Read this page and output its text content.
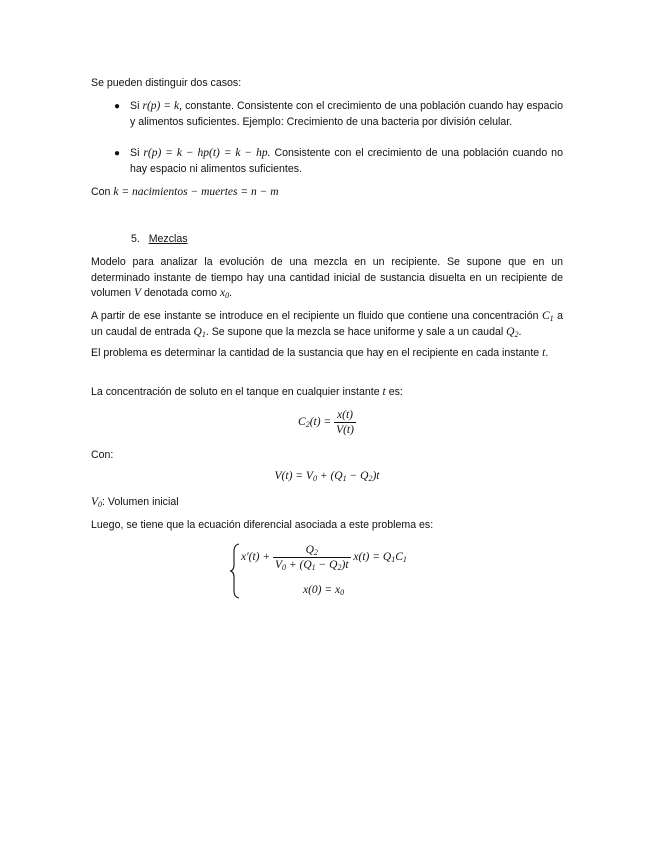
Se pueden distinguir dos casos:
● Si r(p) = k, constante. Consistente con el crecimiento de una población cuando hay espacio y alimentos suficientes. Ejemplo: Crecimiento de una bacteria por división celular.
● Si r(p) = k − hp(t) = k − hp. Consistente con el crecimiento de una población cuando no hay espacio ni alimentos suficientes.
Con k = nacimientos − muertes = n − m
5. Mezclas
Modelo para analizar la evolución de una mezcla en un recipiente. Se supone que en un determinado instante de tiempo hay una cantidad inicial de sustancia disuelta en un recipiente de volumen V denotada como $x_0$.
A partir de ese instante se introduce en el recipiente un fluido que contiene una concentración $C_1$ a un caudal de entrada $Q_1$. Se supone que la mezcla se hace uniforme y sale a un caudal $Q_2$.
El problema es determinar la cantidad de la sustancia que hay en el recipiente en cada instante t.
La concentración de soluto en el tanque en cualquier instante t es:
$C_2(t) = \frac{x(t)}{V(t)}$
Con:
$V(t) = V_0 + (Q_1 - Q_2)t$
$V_0$: Volumen inicial
Luego, se tiene que la ecuación diferencial asociada a este problema es:
$x'(t) + \frac{Q_2}{V_0 + (Q_1 - Q_2)t} x(t) = Q_1C_1$
$x(0) = x_0$
